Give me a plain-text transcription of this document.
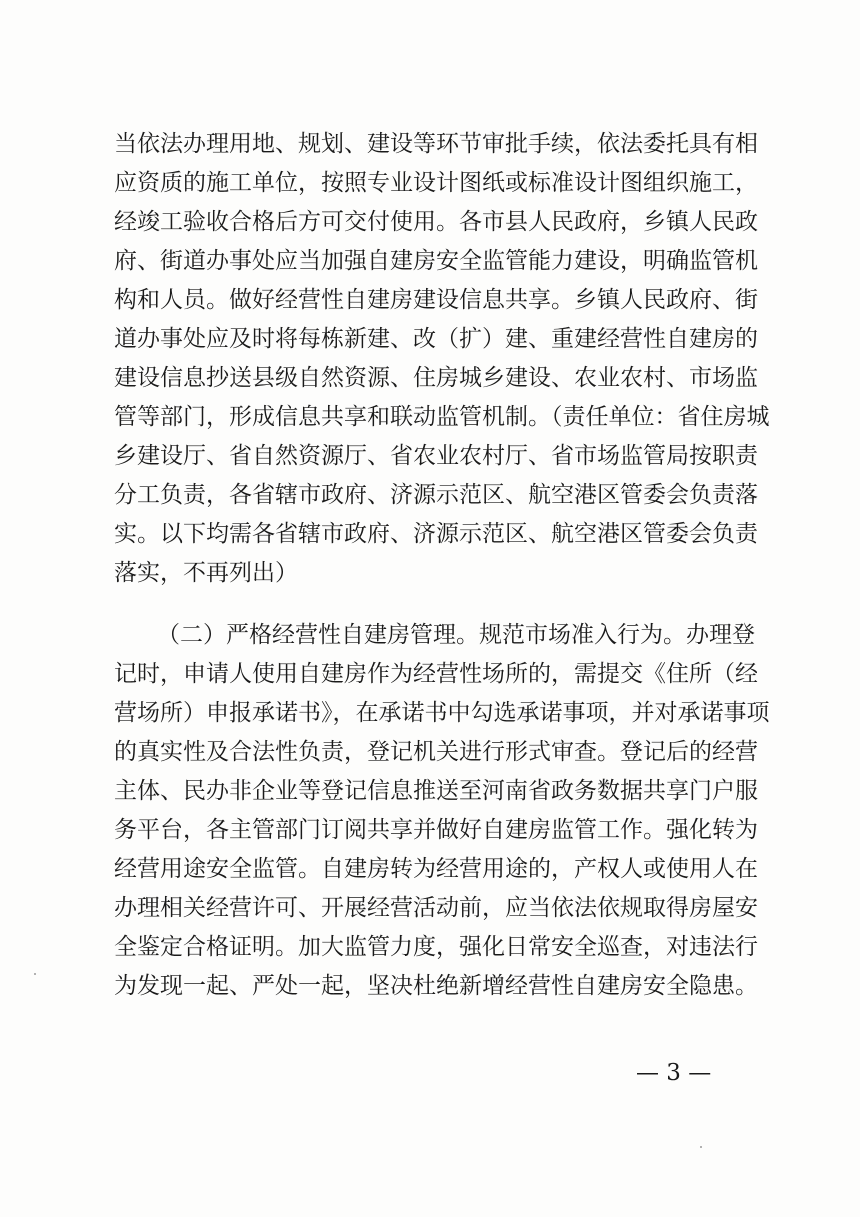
当依法办理用地、规划、建设等环节审批手续，依法委托具有相
应资质的施工单位，按照专业设计图纸或标准设计图组织施工，
经竣工验收合格后方可交付使用。各市县人民政府，乡镇人民政
府、街道办事处应当加强自建房安全监管能力建设，明确监管机
构和人员。做好经营性自建房建设信息共享。乡镇人民政府、街
道办事处应及时将每栋新建、改（扩）建、重建经营性自建房的
建设信息抄送县级自然资源、住房城乡建设、农业农村、市场监
管等部门，形成信息共享和联动监管机制。（责任单位：省住房城
乡建设厅、省自然资源厅、省农业农村厅、省市场监管局按职责
分工负责，各省辖市政府、济源示范区、航空港区管委会负责落
实。以下均需各省辖市政府、济源示范区、航空港区管委会负责
落实，不再列出）
（二）严格经营性自建房管理。规范市场准入行为。办理登
记时，申请人使用自建房作为经营性场所的，需提交《住所（经
营场所）申报承诺书》，在承诺书中勾选承诺事项，并对承诺事项
的真实性及合法性负责，登记机关进行形式审查。登记后的经营
主体、民办非企业等登记信息推送至河南省政务数据共享门户服
务平台，各主管部门订阅共享并做好自建房监管工作。强化转为
经营用途安全监管。自建房转为经营用途的，产权人或使用人在
办理相关经营许可、开展经营活动前，应当依法依规取得房屋安
全鉴定合格证明。加大监管力度，强化日常安全巡查，对违法行
为发现一起、严处一起，坚决杜绝新增经营性自建房安全隐患。
— 3 —
